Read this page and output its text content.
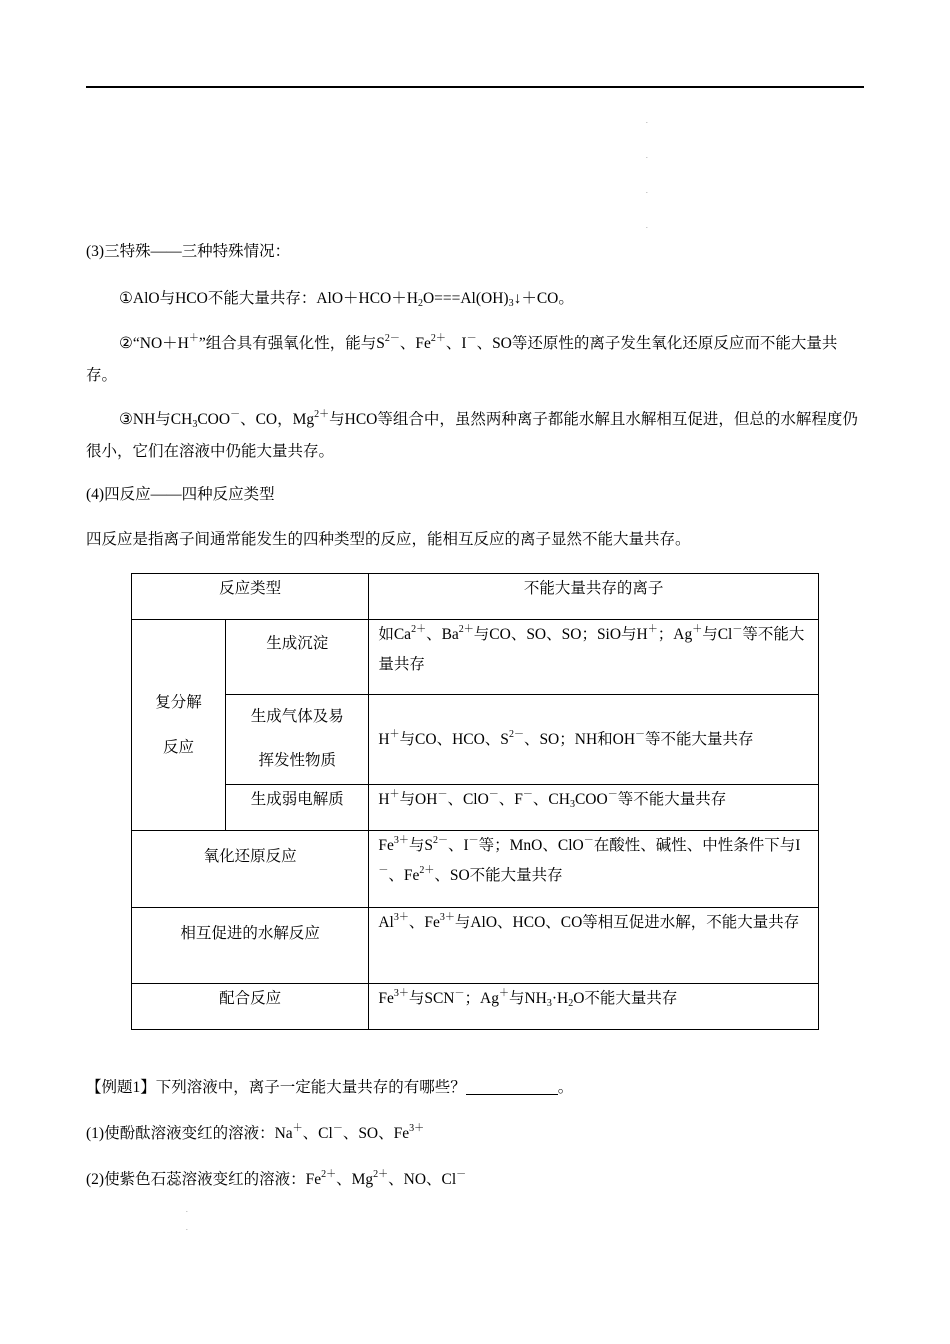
.
.
.
.
(3)三特殊——三种特殊情况：
①AlO与HCO不能大量共存：$AlO+HCO+H_2O===Al(OH)_3↓+CO$。
②“NO＋H＋”组合具有强氧化性，能与$S^{2-}$、$Fe^{2+}$、I－、SO等还原性的离子发生氧化还原反应而不能大量共存。
③NH与$CH_3COO^-$、CO，$Mg^{2+}$与HCO等组合中，虽然两种离子都能水解且水解相互促进，但总的水解程度仍很小，它们在溶液中仍能大量共存。
(4)四反应——四种反应类型
四反应是指离子间通常能发生的四种类型的反应，能相互反应的离子显然不能大量共存。
反应类型		不能大量共存的离子

复分解
反应	生成沉淀	如$Ca^{2+}$、$Ba^{2+}$与CO、SO、SO；SiO与H＋；Ag＋与Cl－等不能大量共存

	生成气体及易
挥发性物质	H＋与CO、HCO、$S^{2-}$、SO；NH和OH－等不能大量共存
	生成弱电解质	H＋与OH－、ClO－、F－、$CH_3COO^-$等不能大量共存
氧化还原反应		$Fe^{3+}$与$S^{2-}$、I－等；MnO、ClO－在酸性、碱性、中性条件下与I－、$Fe^{2+}$、SO不能大量共存
相互促进的水解反应		$Al^{3+}$、$Fe^{3+}$与AlO、HCO、CO等相互促进水解，不能大量共存
配合反应		$Fe^{3+}$与SCN－；Ag＋与$NH_3\cdot H_2O$不能大量共存
【例题1】下列溶液中，离子一定能大量共存的有哪些？	。
(1)使酚酞溶液变红的溶液：Na＋、Cl－、SO、$Fe^{3+}$
(2)使紫色石蕊溶液变红的溶液：$Fe^{2+}$、$Mg^{2+}$、NO、Cl－
.
.
